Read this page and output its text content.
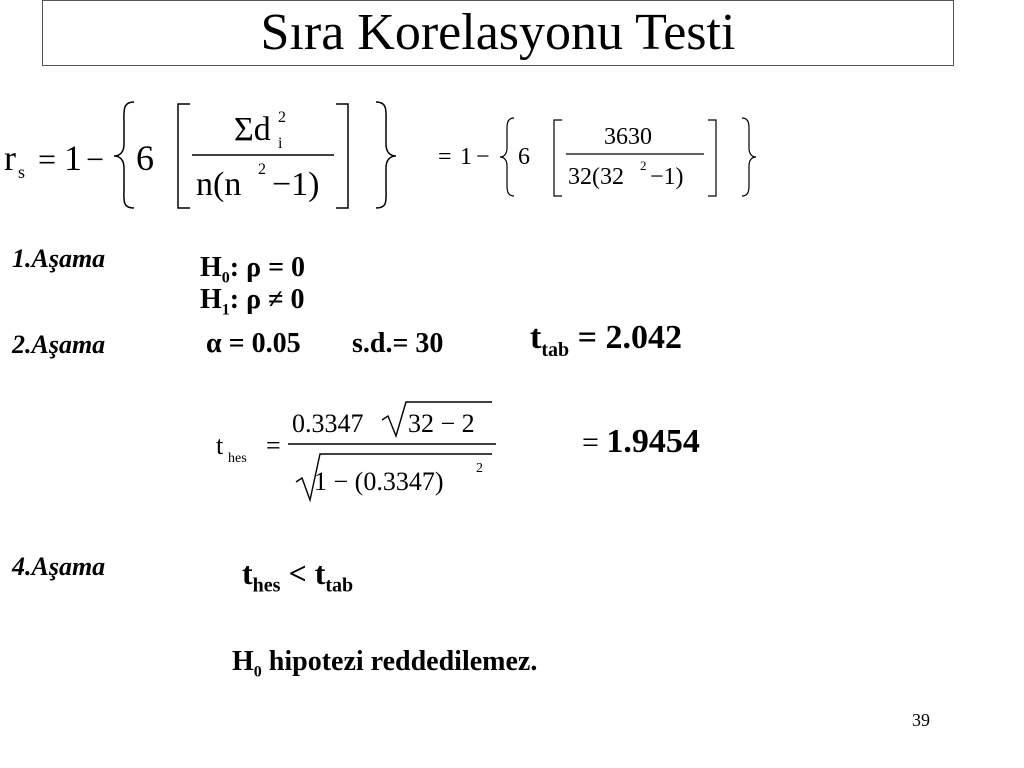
Sıra Korelasyonu Testi
r s = 1 − 6
Σd 2
i
n(n 2 −1)
= 1 − 6
3630
32(32 2 −1)
1.Aşama	$H_0$: ρ = 0
$H_1$: ρ ≠ 0
2.Aşama	α = 0.05 s.d.= 30	$t_{tab} = 2.042$
t hes =
0.3347 32 − 2
1 − (0.3347) 2
= 1.9454
4.Aşama	$t_{hes} < t_{tab}$
$H_0$ hipotezi reddedilemez.
39
